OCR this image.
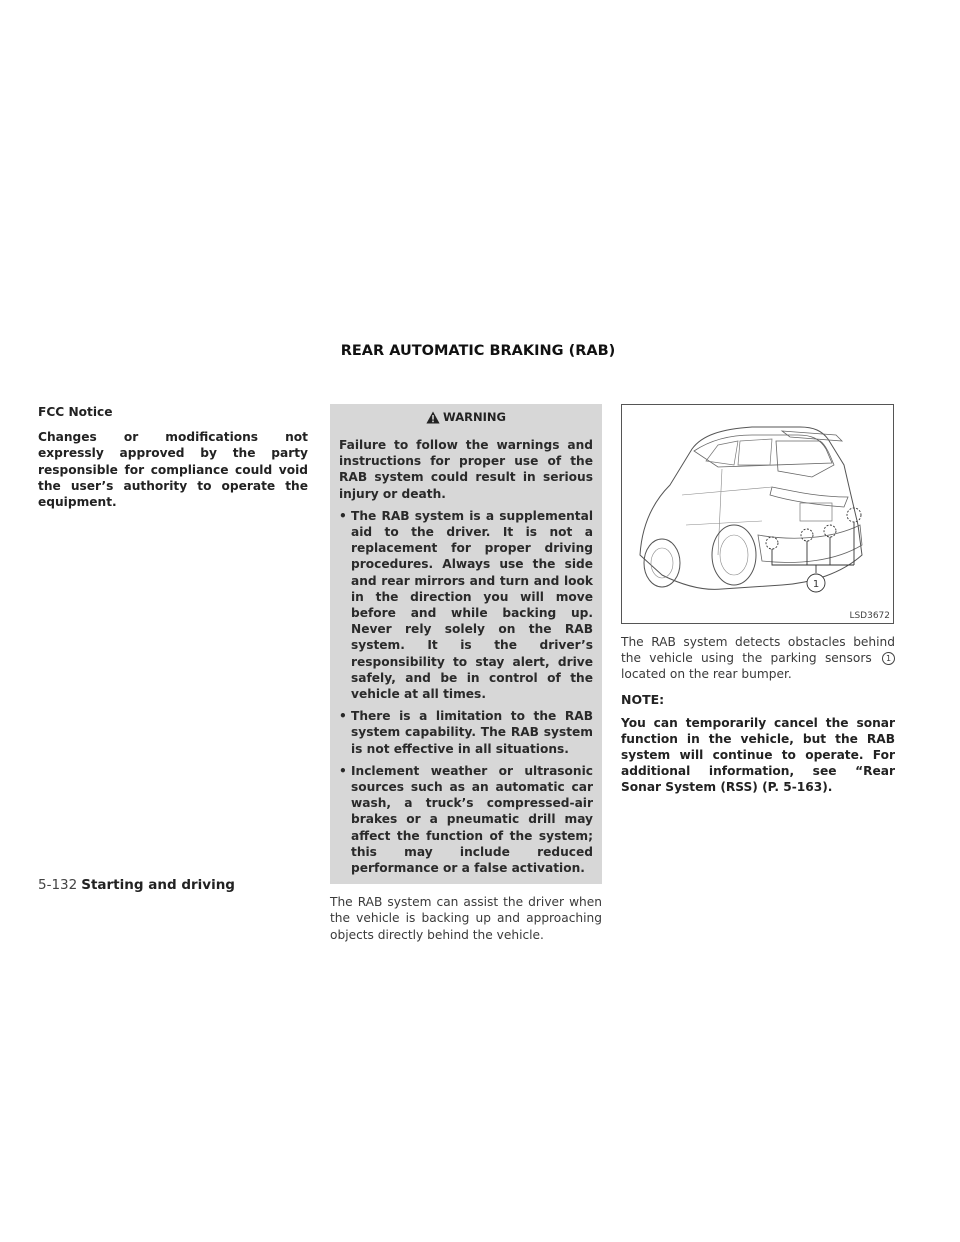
REAR AUTOMATIC BRAKING (RAB)

FCC Notice

Changes or modifications not expressly approved by the party responsible for compliance could void the user’s authority to operate the equipment.

WARNING

Failure to follow the warnings and instructions for proper use of the RAB system could result in serious injury or death.

• The RAB system is a supplemental aid to the driver. It is not a replacement for proper driving procedures. Always use the side and rear mirrors and turn and look in the direction you will move before and while backing up. Never rely solely on the RAB system. It is the driver’s responsibility to stay alert, drive safely, and be in control of the vehicle at all times.
• There is a limitation to the RAB system capability. The RAB system is not effective in all situations.
• Inclement weather or ultrasonic sources such as an automatic car wash, a truck’s compressed-air brakes or a pneumatic drill may affect the function of the system; this may include reduced performance or a false activation.

The RAB system can assist the driver when the vehicle is backing up and approaching objects directly behind the vehicle.

1
LSD3672

The RAB system detects obstacles behind the vehicle using the parking sensors 1 located on the rear bumper.

NOTE:

You can temporarily cancel the sonar function in the vehicle, but the RAB system will continue to operate. For additional information, see “Rear Sonar System (RSS) (P. 5-163).

5-132 Starting and driving
